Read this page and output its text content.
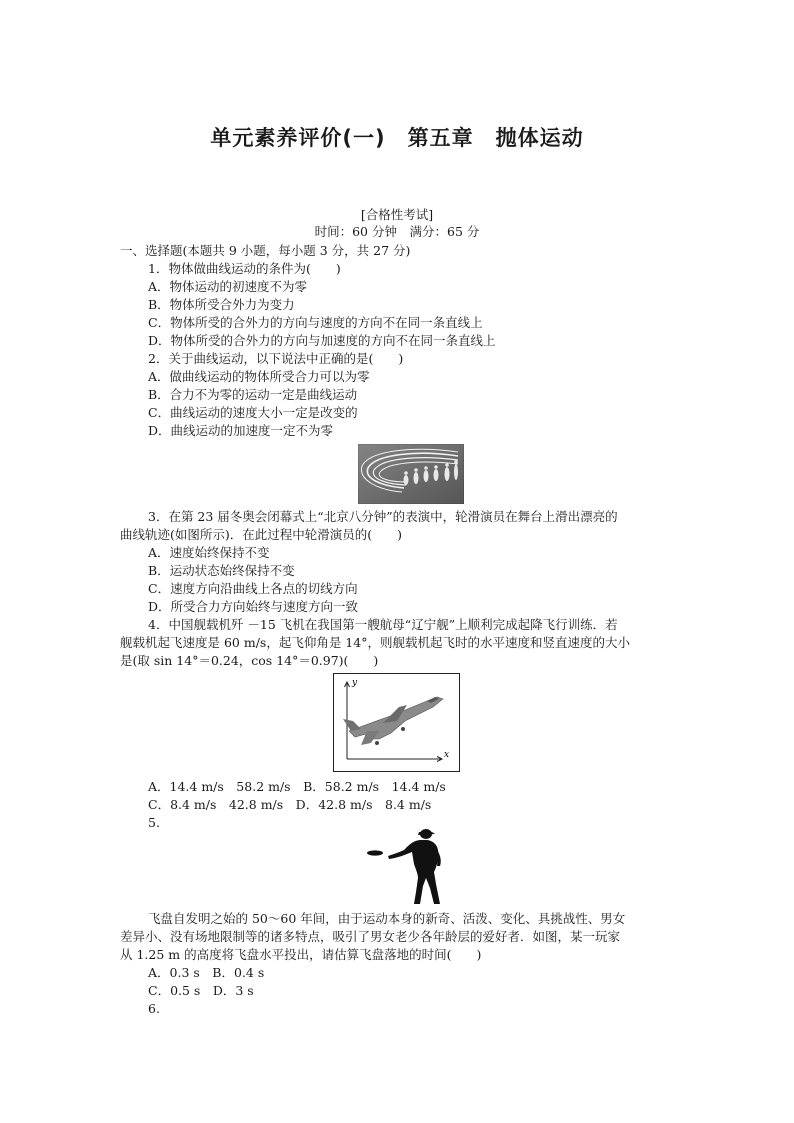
单元素养评价(一) 第五章 抛体运动
[合格性考试]
时间：60 分钟　满分：65 分
一、选择题(本题共 9 小题，每小题 3 分，共 27 分)
1．物体做曲线运动的条件为(　　)
A．物体运动的初速度不为零
B．物体所受合外力为变力
C．物体所受的合外力的方向与速度的方向不在同一条直线上
D．物体所受的合外力的方向与加速度的方向不在同一条直线上
2．关于曲线运动，以下说法中正确的是(　　)
A．做曲线运动的物体所受合力可以为零
B．合力不为零的运动一定是曲线运动
C．曲线运动的速度大小一定是改变的
D．曲线运动的加速度一定不为零
3．在第 23 届冬奥会闭幕式上“北京八分钟”的表演中，轮滑演员在舞台上滑出漂亮的
曲线轨迹(如图所示)．在此过程中轮滑演员的(　　)
A．速度始终保持不变
B．运动状态始终保持不变
C．速度方向沿曲线上各点的切线方向
D．所受合力方向始终与速度方向一致
4．中国舰载机歼 －15 飞机在我国第一艘航母“辽宁舰”上顺利完成起降飞行训练．若
舰载机起飞速度是 60 m/s，起飞仰角是 14°，则舰载机起飞时的水平速度和竖直速度的大小
是(取 sin 14°＝0.24，cos 14°＝0.97)(　　)
y
x
A．14.4 m/s　58.2 m/s　B．58.2 m/s　14.4 m/s
C．8.4 m/s　42.8 m/s　D．42.8 m/s　8.4 m/s
5.
飞盘自发明之始的 50～60 年间，由于运动本身的新奇、活泼、变化、具挑战性、男女
差异小、没有场地限制等的诸多特点，吸引了男女老少各年龄层的爱好者．如图，某一玩家
从 1.25 m 的高度将飞盘水平投出，请估算飞盘落地的时间(　　)
A．0.3 s　B．0.4 s
C．0.5 s　D．3 s
6.
